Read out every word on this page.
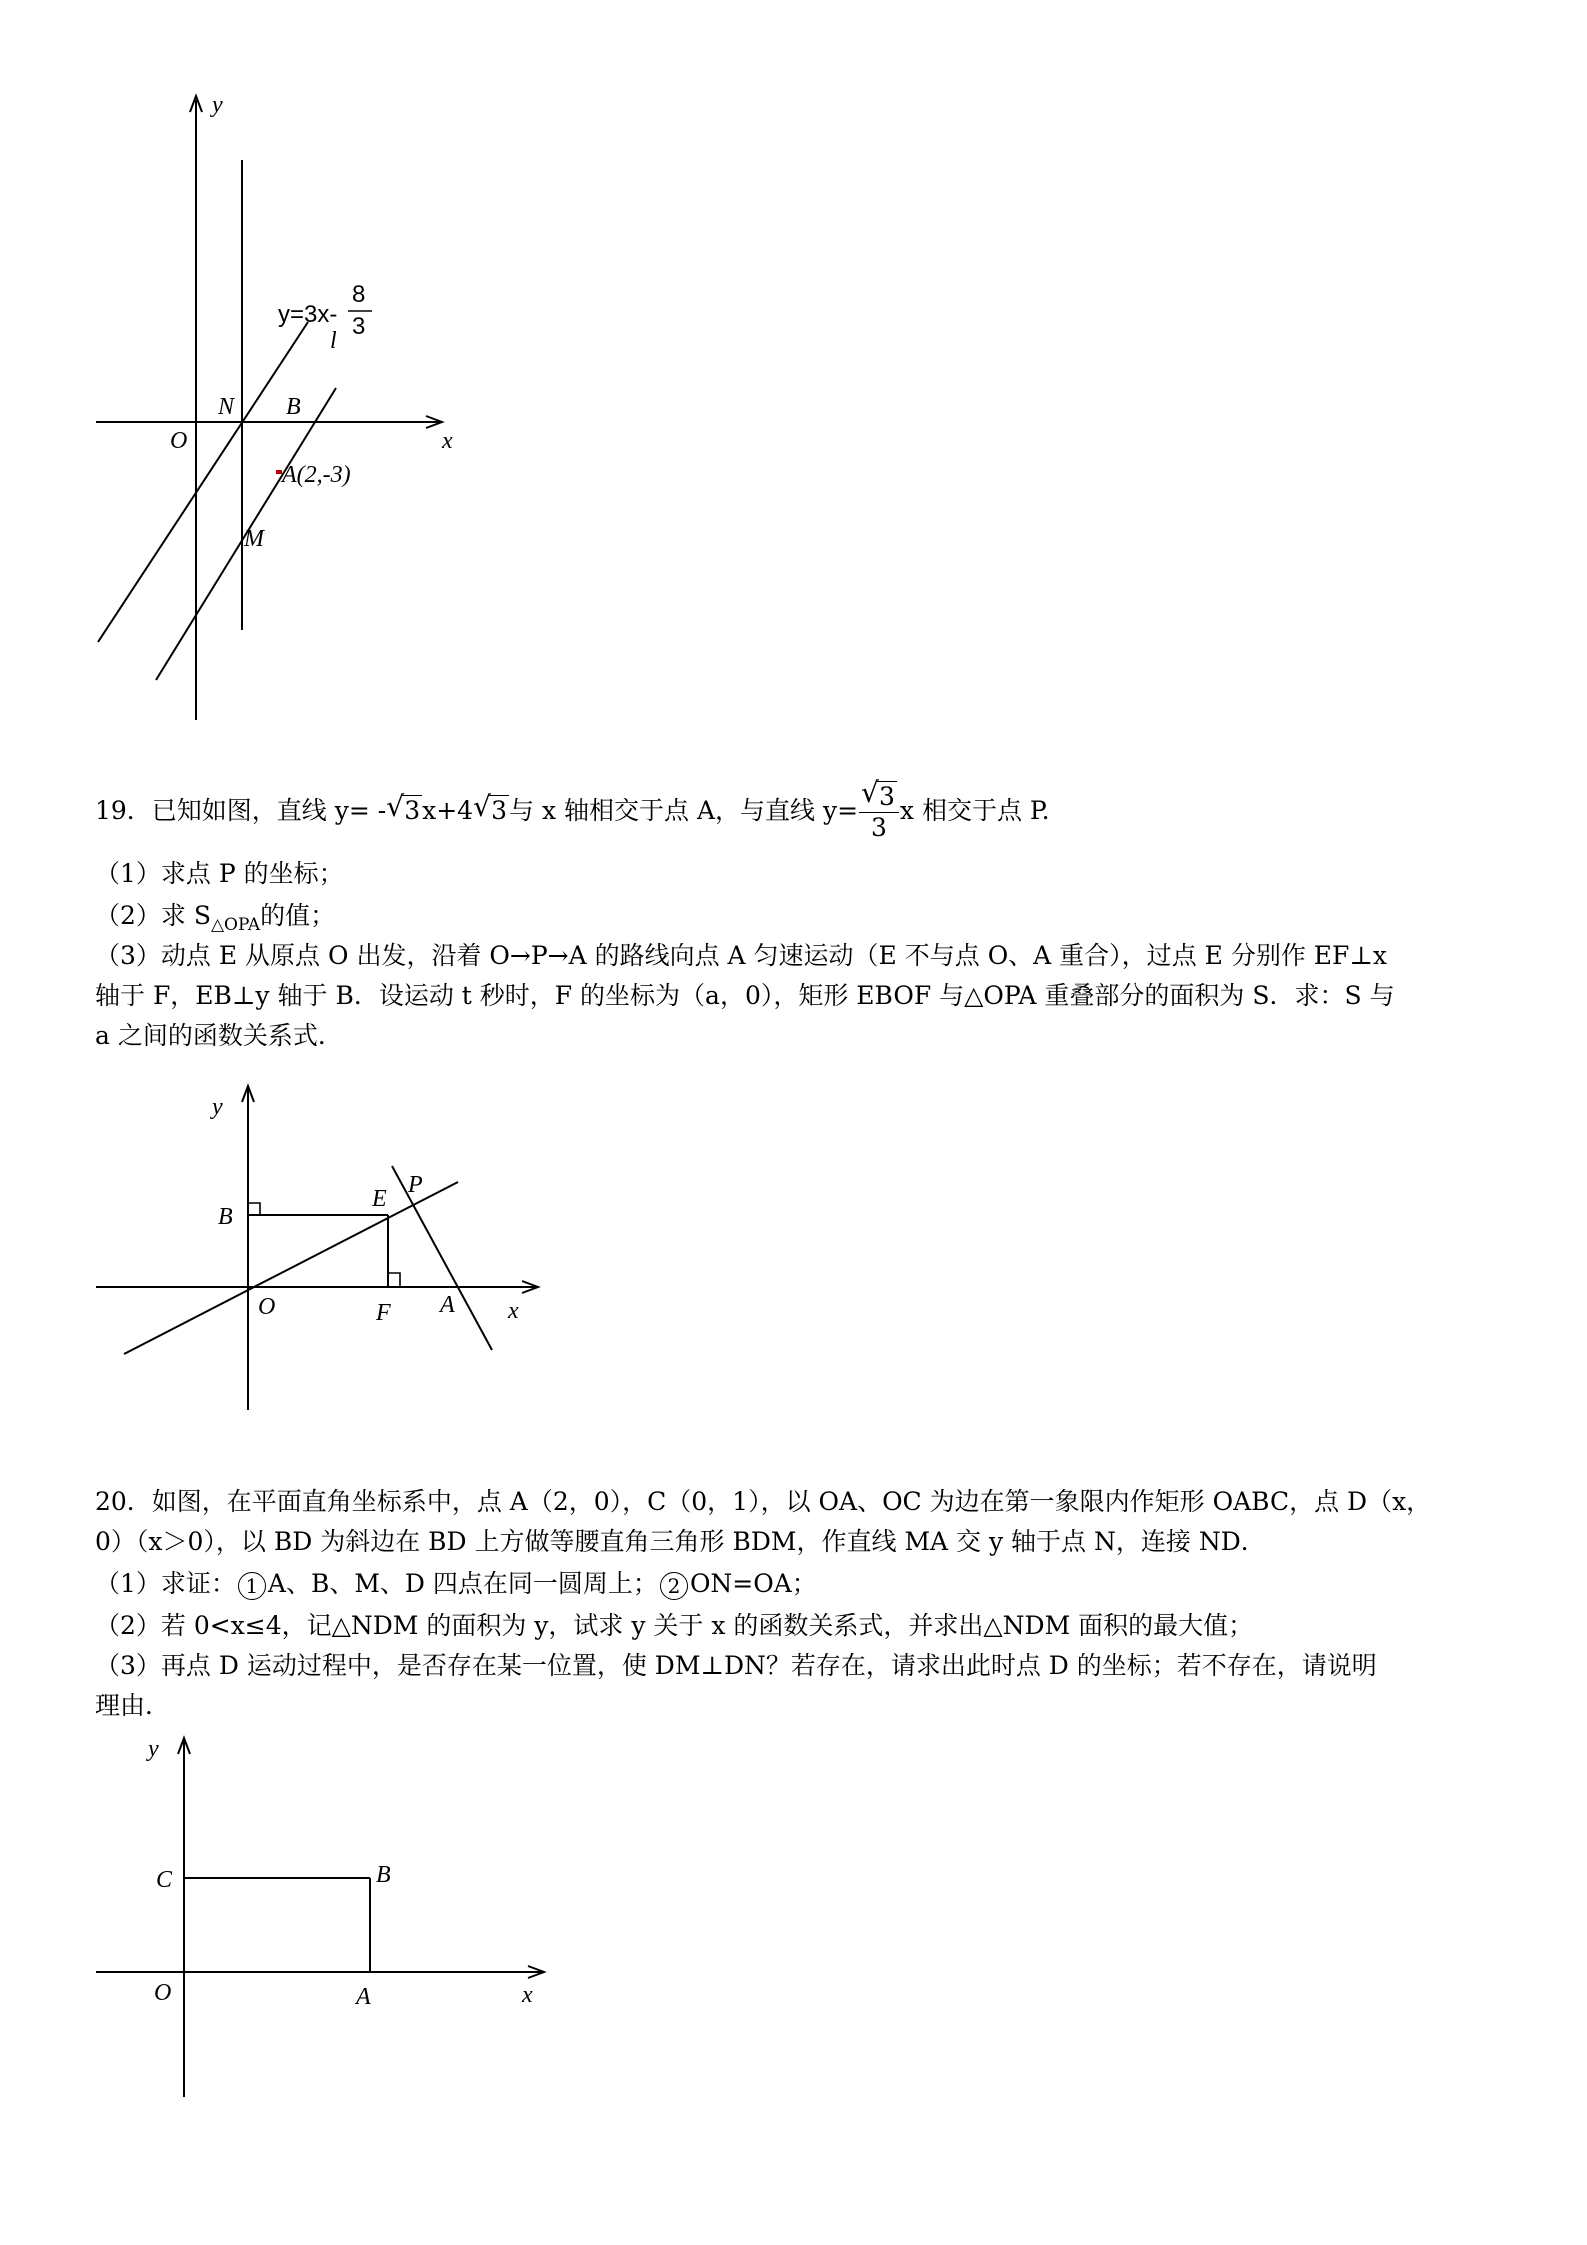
y
x
O
y=3x-
8
3
l
N B
M
A(2,-3)
19．已知如图，直线 y= - √ 3x+4 √ 3与 x 轴相交于点 A，与直线 y= √ $\frac{3}{3}$ x 相交于点 P.
（1）求点 P 的坐标；
（2）求 $S_{\triangle OPA}$的值；
（3）动点 E 从原点 O 出发，沿着 O→P→A 的路线向点 A 匀速运动（E 不与点 O、A 重合），过点 E 分别作 EF⊥x
轴于 F，EB⊥y 轴于 B．设运动 t 秒时，F 的坐标为（a，0），矩形 EBOF 与△OPA 重叠部分的面积为 S．求：S 与
a 之间的函数关系式．
y
x
O
B
E
P
F A
20．如图，在平面直角坐标系中，点 A（2，0），C（0，1），以 OA、OC 为边在第一象限内作矩形 OABC，点 D（x，
0）（x＞0），以 BD 为斜边在 BD 上方做等腰直角三角形 BDM，作直线 MA 交 y 轴于点 N，连接 ND．
（1）求证： 1 A、B、M、D 四点在同一圆周上； 2 ON=OA；
（2）若 0<x≤4，记△NDM 的面积为 y，试求 y 关于 x 的函数关系式，并求出△NDM 面积的最大值；
（3）再点 D 运动过程中，是否存在某一位置，使 DM⊥DN？若存在，请求出此时点 D 的坐标；若不存在，请说明
理由．
y
x
O
C	B
A
